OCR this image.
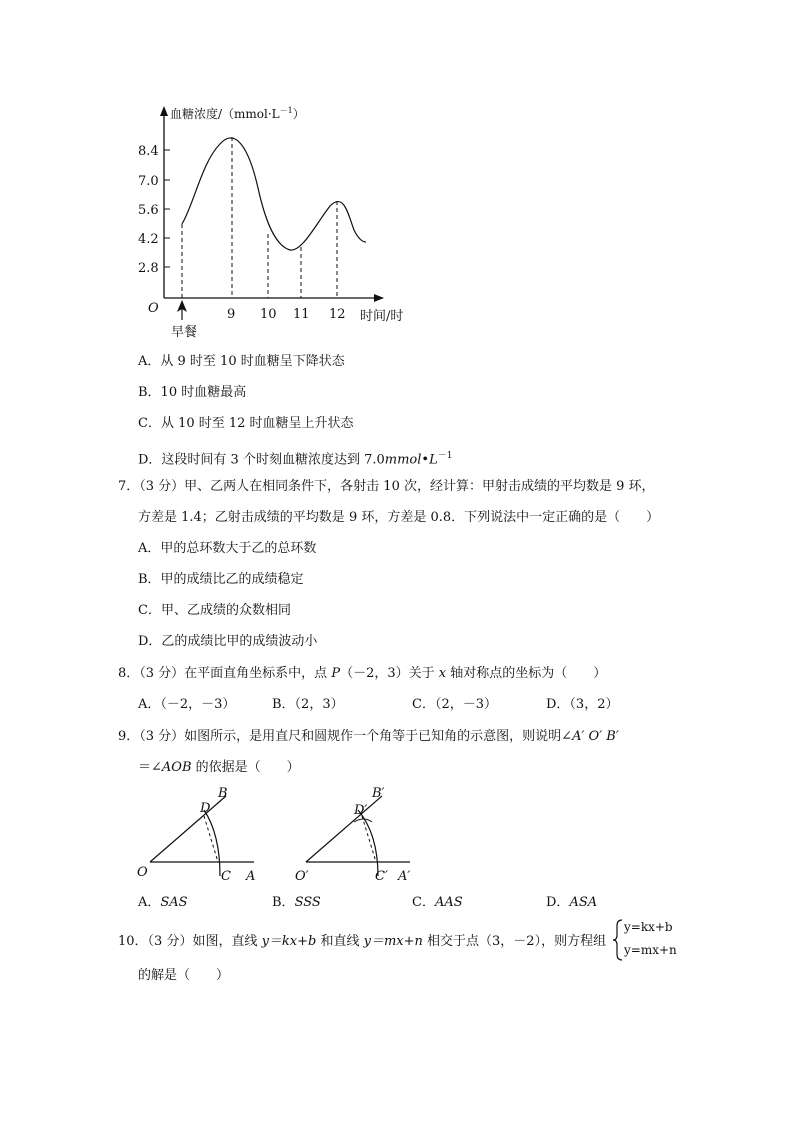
血糖浓度$/(mmol\cdot L^{-1})$
8.4
7.0
5.6
4.2
2.8
O
早餐
9 10 11 12 时间/时
A．从 9 时至 10 时血糖呈下降状态
B．10 时血糖最高
C．从 10 时至 12 时血糖呈上升状态
D．这段时间有 3 个时刻血糖浓度达到 $7.0mmol•L^{-1}$
7．（3 分）甲、乙两人在相同条件下，各射击 10 次，经计算：甲射击成绩的平均数是 9 环，
方差是 1.4；乙射击成绩的平均数是 9 环，方差是 0.8．下列说法中一定正确的是（　　）
A．甲的总环数大于乙的总环数
B．甲的成绩比乙的成绩稳定
C．甲、乙成绩的众数相同
D．乙的成绩比甲的成绩波动小
8．（3 分）在平面直角坐标系中，点 P（－2，3）关于 x 轴对称点的坐标为（　　）
A．（－2，－3）	B．（2，3）	C．（2，－3）	D．（3，2）
9．（3 分）如图所示，是用直尺和圆规作一个角等于已知角的示意图，则说明∠A′ O′ B′
＝∠AOB 的依据是（　　）
O	C A
B
D
O′	C′ A′
B′
D′
A．SAS	B．SSS	C．AAS	D．ASA
10．（3 分）如图，直线 y＝kx+b 和直线 y＝mx+n 相交于点（3，－2），则方程组
y=kx+b
y=mx+n
的解是（　　）
